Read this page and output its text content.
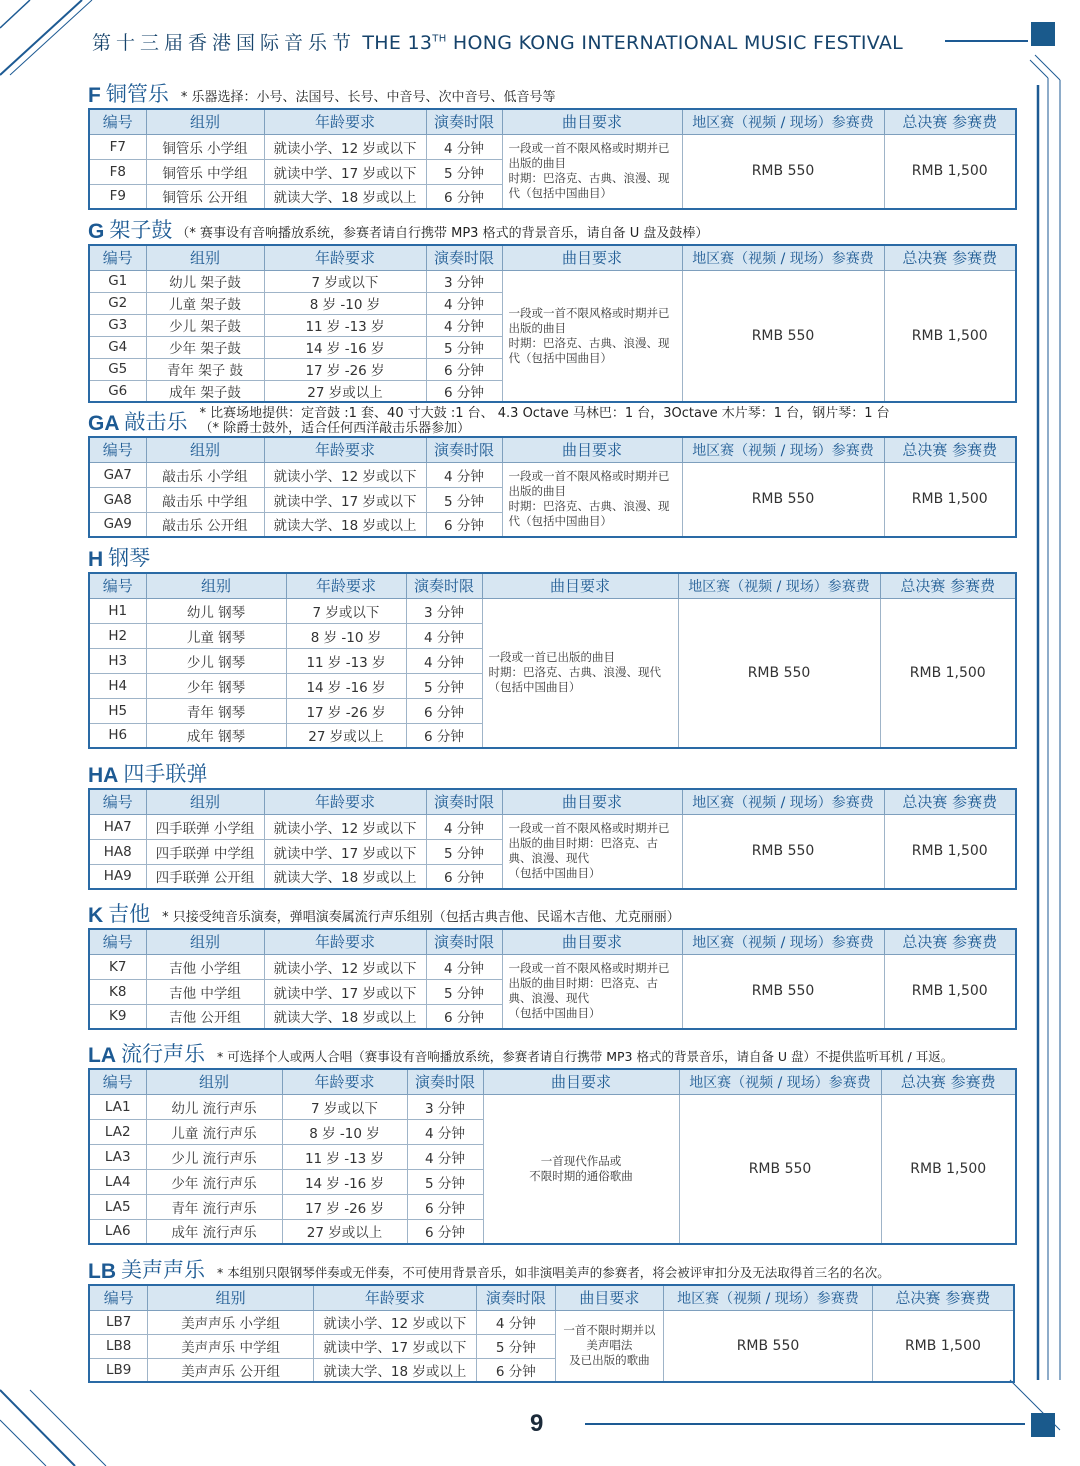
第十三届香港国际音乐节 THE 13TH HONG KONG INTERNATIONAL MUSIC FESTIVAL
F 铜管乐 * 乐器选择：小号、法国号、长号、中音号、次中音号、低音号等
编号	组别	年龄要求	演奏时限	曲目要求	地区赛（视频 / 现场）参赛费	总决赛 参赛费
F7	铜管乐 小学组	就读小学、12 岁或以下	4 分钟	一段或一首不限风格或时期并已出版的曲目
时期：巴洛克、古典、浪漫、现代（包括中国曲目）	RMB 550	RMB 1,500
F8	铜管乐 中学组	就读中学、17 岁或以下	5 分钟			
F9	铜管乐 公开组	就读大学、18 岁或以上	6 分钟			
G 架子鼓 （* 赛事设有音响播放系统，参赛者请自行携带 MP3 格式的背景音乐，请自备 U 盘及鼓棒）
编号	组别	年龄要求	演奏时限	曲目要求	地区赛（视频 / 现场）参赛费	总决赛 参赛费
G1	幼儿 架子鼓	7 岁或以下	3 分钟	一段或一首不限风格或时期并已出版的曲目
时期：巴洛克、古典、浪漫、现代（包括中国曲目）	RMB 550	RMB 1,500
G2	儿童 架子鼓	8 岁 -10 岁	4 分钟			
G3	少儿 架子鼓	11 岁 -13 岁	4 分钟			
G4	少年 架子鼓	14 岁 -16 岁	5 分钟			
G5	青年 架子 鼓	17 岁 -26 岁	6 分钟			
G6	成年 架子鼓	27 岁或以上	6 分钟			
GA 敲击乐 * 比赛场地提供：定音鼓 :1 套、40 寸大鼓 :1 台、 4.3 Octave 马林巴：1 台，3Octave 木片琴：1 台，钢片琴：1 台
（* 除爵士鼓外，适合任何西洋敲击乐器参加）
编号	组别	年龄要求	演奏时限	曲目要求	地区赛（视频 / 现场）参赛费	总决赛 参赛费
GA7	敲击乐 小学组	就读小学、12 岁或以下	4 分钟	一段或一首不限风格或时期并已出版的曲目
时期：巴洛克、古典、浪漫、现代（包括中国曲目）	RMB 550	RMB 1,500
GA8	敲击乐 中学组	就读中学、17 岁或以下	5 分钟			
GA9	敲击乐 公开组	就读大学、18 岁或以上	6 分钟			
H 钢琴
编号	组别	年龄要求	演奏时限	曲目要求	地区赛（视频 / 现场）参赛费	总决赛 参赛费
H1	幼儿 钢琴	7 岁或以下	3 分钟	一段或一首已出版的曲目
时期：巴洛克、古典、浪漫、现代（包括中国曲目）	RMB 550	RMB 1,500
H2	儿童 钢琴	8 岁 -10 岁	4 分钟			
H3	少儿 钢琴	11 岁 -13 岁	4 分钟			
H4	少年 钢琴	14 岁 -16 岁	5 分钟			
H5	青年 钢琴	17 岁 -26 岁	6 分钟			
H6	成年 钢琴	27 岁或以上	6 分钟			
HA 四手联弹
编号	组别	年龄要求	演奏时限	曲目要求	地区赛（视频 / 现场）参赛费	总决赛 参赛费
HA7	四手联弹 小学组	就读小学、12 岁或以下	4 分钟	一段或一首不限风格或时期并已出版的曲目时期：巴洛克、古典、浪漫、现代
（包括中国曲目）	RMB 550	RMB 1,500
HA8	四手联弹 中学组	就读中学、17 岁或以下	5 分钟			
HA9	四手联弹 公开组	就读大学、18 岁或以上	6 分钟			
K 吉他 * 只接受纯音乐演奏，弹唱演奏属流行声乐组别（包括古典吉他、民谣木吉他、尤克丽丽）
编号	组别	年龄要求	演奏时限	曲目要求	地区赛（视频 / 现场）参赛费	总决赛 参赛费
K7	吉他 小学组	就读小学、12 岁或以下	4 分钟	一段或一首不限风格或时期并已出版的曲目时期：巴洛克、古典、浪漫、现代
（包括中国曲目）	RMB 550	RMB 1,500
K8	吉他 中学组	就读中学、17 岁或以下	5 分钟			
K9	吉他 公开组	就读大学、18 岁或以上	6 分钟			
LA 流行声乐 * 可选择个人或两人合唱（赛事设有音响播放系统，参赛者请自行携带 MP3 格式的背景音乐，请自备 U 盘）不提供监听耳机 / 耳返。
编号	组别	年龄要求	演奏时限	曲目要求	地区赛（视频 / 现场）参赛费	总决赛 参赛费
LA1	幼儿 流行声乐	7 岁或以下	3 分钟	一首现代作品或
不限时期的通俗歌曲	RMB 550	RMB 1,500
LA2	儿童 流行声乐	8 岁 -10 岁	4 分钟			
LA3	少儿 流行声乐	11 岁 -13 岁	4 分钟			
LA4	少年 流行声乐	14 岁 -16 岁	5 分钟			
LA5	青年 流行声乐	17 岁 -26 岁	6 分钟			
LA6	成年 流行声乐	27 岁或以上	6 分钟			
LB 美声声乐 * 本组别只限钢琴伴奏或无伴奏，不可使用背景音乐，如非演唱美声的参赛者，将会被评审扣分及无法取得首三名的名次。
编号	组别	年龄要求	演奏时限	曲目要求	地区赛（视频 / 现场）参赛费	总决赛 参赛费
LB7	美声声乐 小学组	就读小学、12 岁或以下	4 分钟	一首不限时期并以
美声唱法
及已出版的歌曲	RMB 550	RMB 1,500
LB8	美声声乐 中学组	就读中学、17 岁或以下	5 分钟			
LB9	美声声乐 公开组	就读大学、18 岁或以上	6 分钟			
9
